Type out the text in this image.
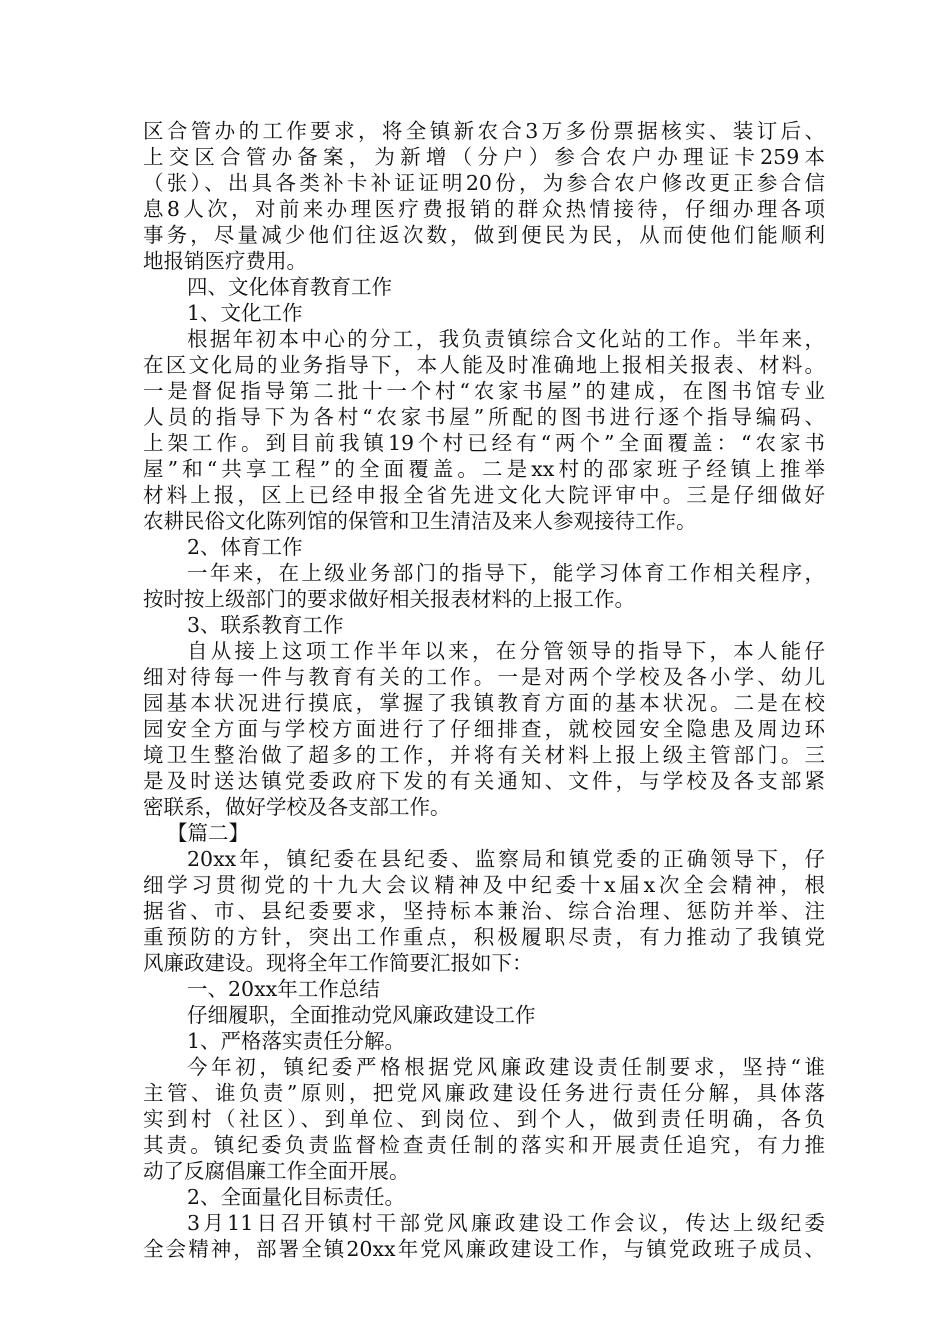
区合管办的工作要求，将全镇新农合3万多份票据核实、装订后、
上交区合管办备案，为新增（分户）参合农户办理证卡259本
（张）、出具各类补卡补证证明20份，为参合农户修改更正参合信
息8人次，对前来办理医疗费报销的群众热情接待，仔细办理各项
事务，尽量减少他们往返次数，做到便民为民，从而使他们能顺利
地报销医疗费用。
四、文化体育教育工作
1、文化工作
根据年初本中心的分工，我负责镇综合文化站的工作。半年来，
在区文化局的业务指导下，本人能及时准确地上报相关报表、材料。
一是督促指导第二批十一个村“农家书屋”的建成，在图书馆专业
人员的指导下为各村“农家书屋”所配的图书进行逐个指导编码、
上架工作。到目前我镇19个村已经有“两个”全面覆盖：“农家书
屋”和“共享工程”的全面覆盖。二是xx村的邵家班子经镇上推举
材料上报，区上已经申报全省先进文化大院评审中。三是仔细做好
农耕民俗文化陈列馆的保管和卫生清洁及来人参观接待工作。
2、体育工作
一年来，在上级业务部门的指导下，能学习体育工作相关程序，
按时按上级部门的要求做好相关报表材料的上报工作。
3、联系教育工作
自从接上这项工作半年以来，在分管领导的指导下，本人能仔
细对待每一件与教育有关的工作。一是对两个学校及各小学、幼儿
园基本状况进行摸底，掌握了我镇教育方面的基本状况。二是在校
园安全方面与学校方面进行了仔细排查，就校园安全隐患及周边环
境卫生整治做了超多的工作，并将有关材料上报上级主管部门。三
是及时送达镇党委政府下发的有关通知、文件，与学校及各支部紧
密联系，做好学校及各支部工作。
【篇二】
20xx年，镇纪委在县纪委、监察局和镇党委的正确领导下，仔
细学习贯彻党的十九大会议精神及中纪委十x届x次全会精神，根
据省、市、县纪委要求，坚持标本兼治、综合治理、惩防并举、注
重预防的方针，突出工作重点，积极履职尽责，有力推动了我镇党
风廉政建设。现将全年工作简要汇报如下：
一、20xx年工作总结
仔细履职，全面推动党风廉政建设工作
1、严格落实责任分解。
今年初，镇纪委严格根据党风廉政建设责任制要求，坚持“谁
主管、谁负责”原则，把党风廉政建设任务进行责任分解，具体落
实到村（社区）、到单位、到岗位、到个人，做到责任明确，各负
其责。镇纪委负责监督检查责任制的落实和开展责任追究，有力推
动了反腐倡廉工作全面开展。
2、全面量化目标责任。
3月11日召开镇村干部党风廉政建设工作会议，传达上级纪委
全会精神，部署全镇20xx年党风廉政建设工作，与镇党政班子成员、
